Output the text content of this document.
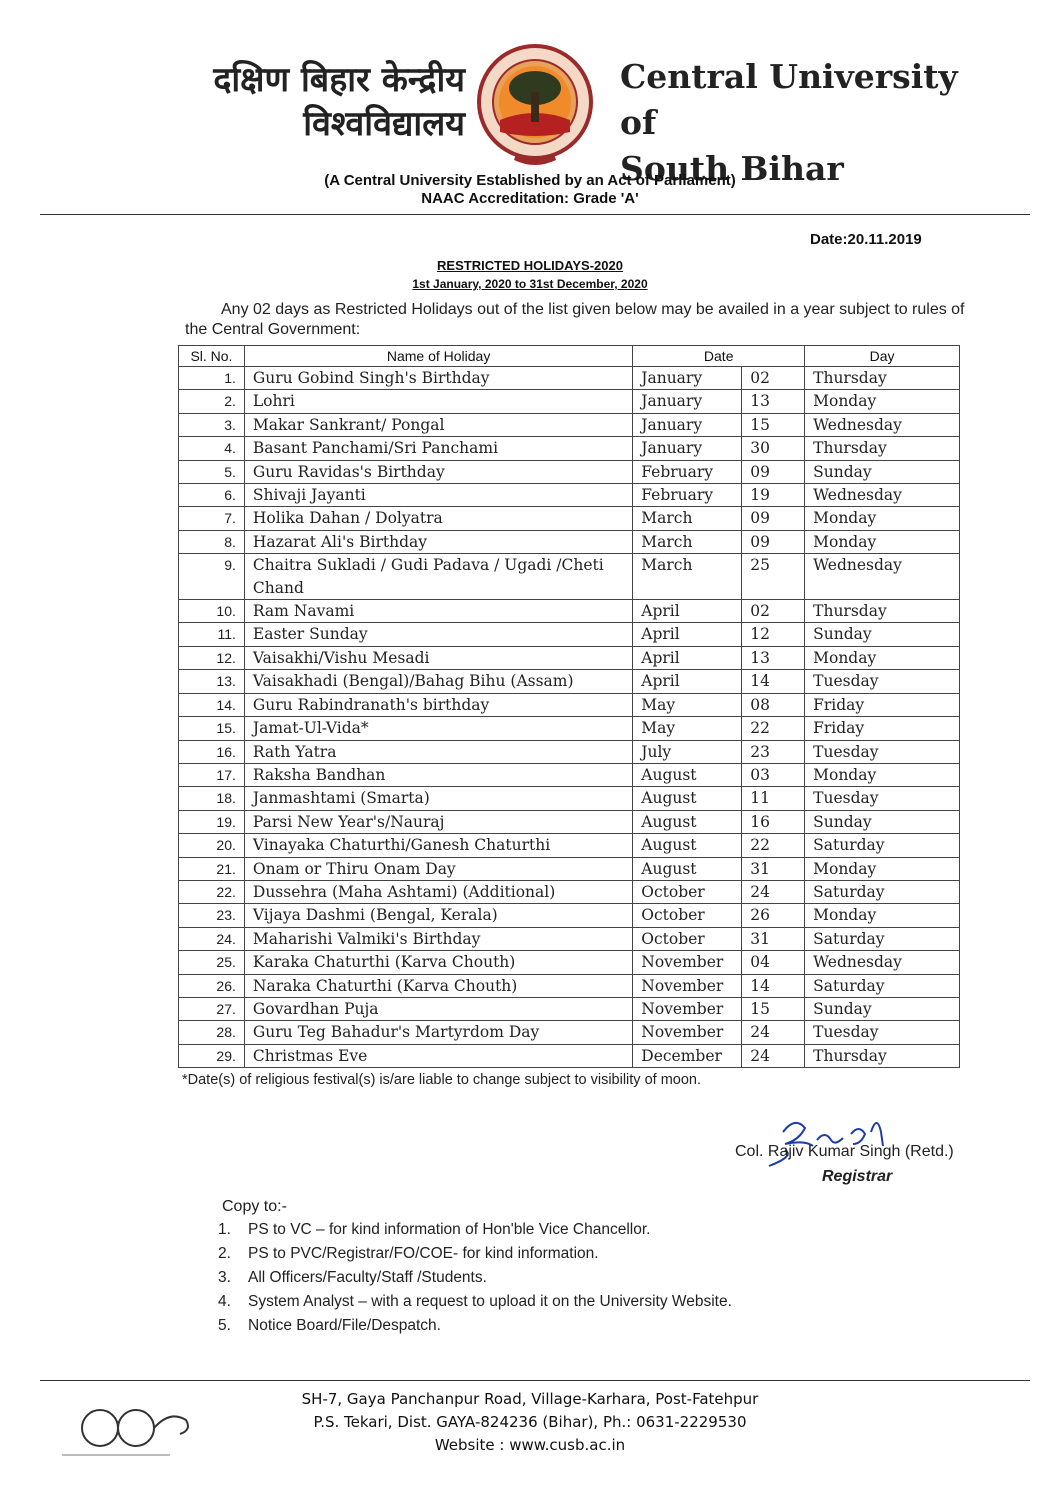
दक्षिण बिहार केन्द्रीय
विश्वविद्यालय
Central University of
South Bihar
(A Central University Established by an Act of Parliament)
NAAC Accreditation: Grade 'A'
Date:20.11.2019
RESTRICTED HOLIDAYS-2020
1st January, 2020 to 31st December, 2020
Any 02 days as Restricted Holidays out of the list given below may be availed in a year subject to rules of the Central Government:
Sl. No.	Name of Holiday	Date		Day
1.	Guru Gobind Singh's Birthday	January	02	Thursday
2.	Lohri	January	13	Monday
3.	Makar Sankrant/ Pongal	January	15	Wednesday
4.	Basant Panchami/Sri Panchami	January	30	Thursday
5.	Guru Ravidas's Birthday	February	09	Sunday
6.	Shivaji Jayanti	February	19	Wednesday
7.	Holika Dahan / Dolyatra	March	09	Monday
8.	Hazarat Ali's Birthday	March	09	Monday
9.	Chaitra Sukladi / Gudi Padava / Ugadi /Cheti Chand	March	25	Wednesday
10.	Ram Navami	April	02	Thursday
11.	Easter Sunday	April	12	Sunday
12.	Vaisakhi/Vishu Mesadi	April	13	Monday
13.	Vaisakhadi (Bengal)/Bahag Bihu (Assam)	April	14	Tuesday
14.	Guru Rabindranath's birthday	May	08	Friday
15.	Jamat-Ul-Vida*	May	22	Friday
16.	Rath Yatra	July	23	Tuesday
17.	Raksha Bandhan	August	03	Monday
18.	Janmashtami (Smarta)	August	11	Tuesday
19.	Parsi New Year's/Nauraj	August	16	Sunday
20.	Vinayaka Chaturthi/Ganesh Chaturthi	August	22	Saturday
21.	Onam or Thiru Onam Day	August	31	Monday
22.	Dussehra (Maha Ashtami) (Additional)	October	24	Saturday
23.	Vijaya Dashmi (Bengal, Kerala)	October	26	Monday
24.	Maharishi Valmiki's Birthday	October	31	Saturday
25.	Karaka Chaturthi (Karva Chouth)	November	04	Wednesday
26.	Naraka Chaturthi (Karva Chouth)	November	14	Saturday
27.	Govardhan Puja	November	15	Sunday
28.	Guru Teg Bahadur's Martyrdom Day	November	24	Tuesday
29.	Christmas Eve	December	24	Thursday
*Date(s) of religious festival(s) is/are liable to change subject to visibility of moon.
Col. Rajiv Kumar Singh (Retd.)
Registrar
Copy to:-
1. PS to VC – for kind information of Hon'ble Vice Chancellor.
2. PS to PVC/Registrar/FO/COE- for kind information.
3. All Officers/Faculty/Staff /Students.
4. System Analyst – with a request to upload it on the University Website.
5. Notice Board/File/Despatch.
SH-7, Gaya Panchanpur Road, Village-Karhara, Post-Fatehpur
P.S. Tekari, Dist. GAYA-824236 (Bihar), Ph.: 0631-2229530
Website : www.cusb.ac.in
